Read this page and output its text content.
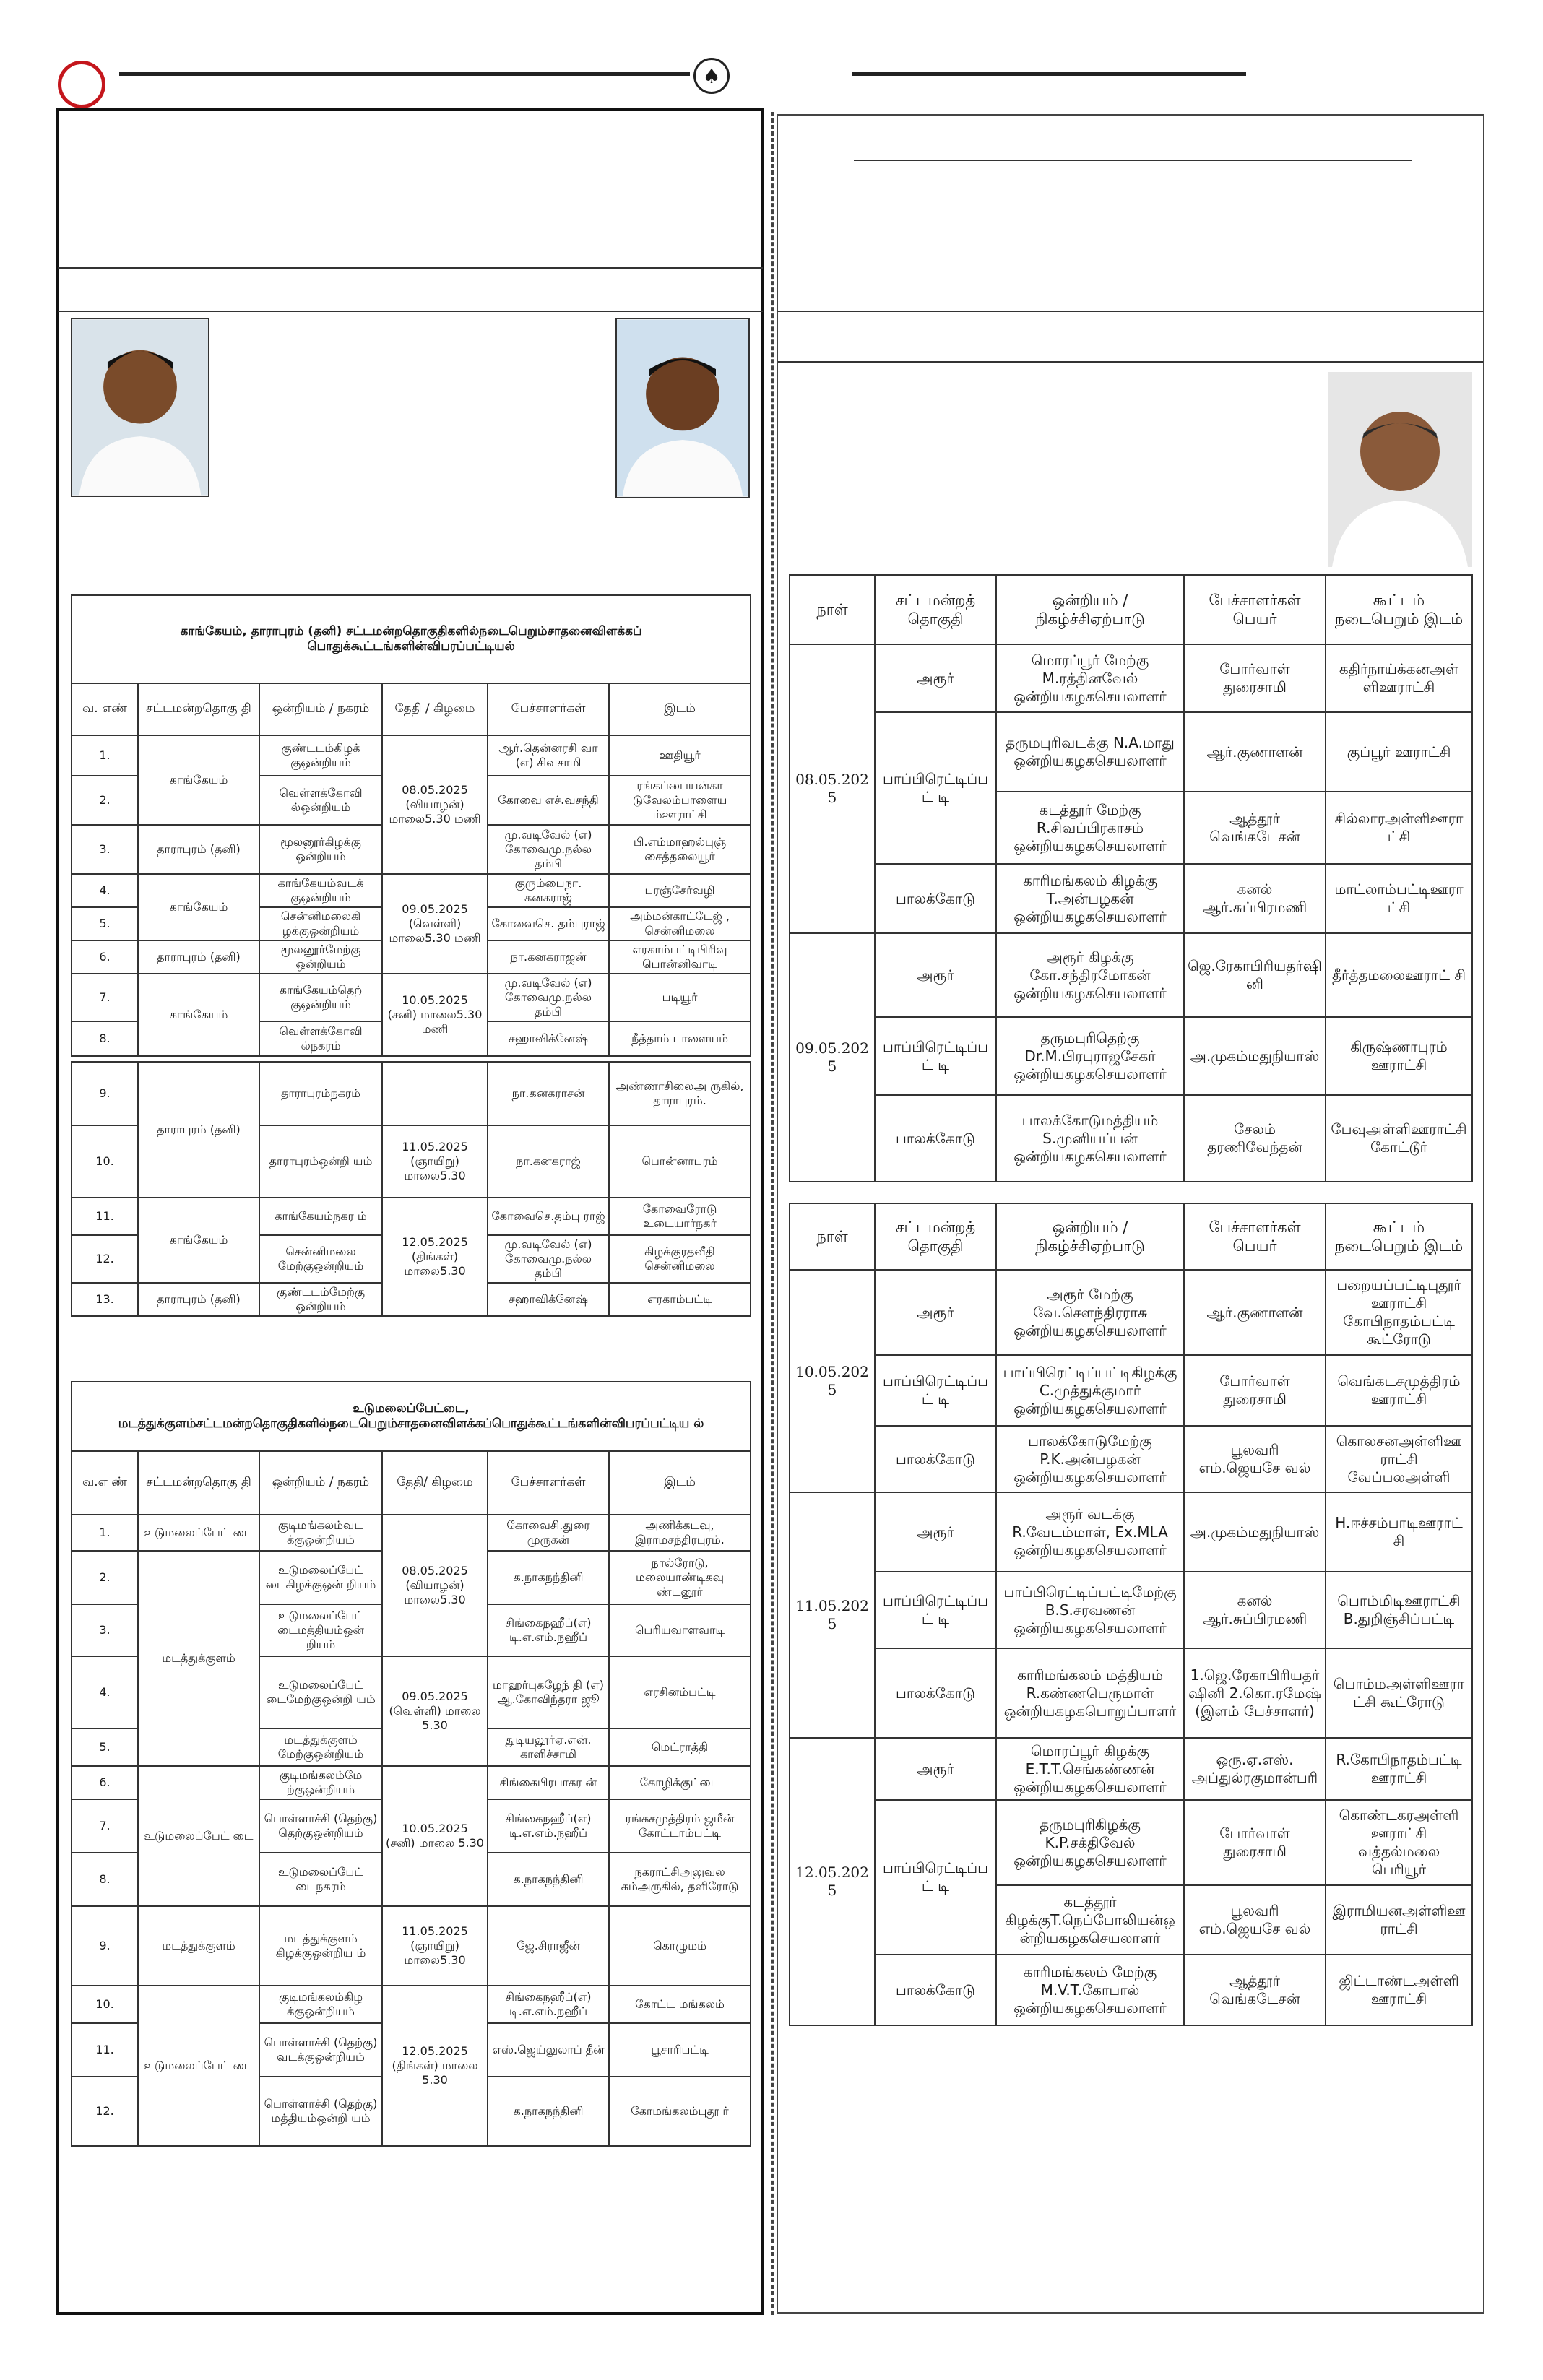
♠
காங்கேயம், தாராபுரம் (தனி) சட்டமன்றதொகுதிகளில்நடைபெறும்சாதனைவிளக்கப் பொதுக்கூட்டங்களின்விபரப்பட்டியல்					
வ. எண்	சட்டமன்றதொகு தி	ஒன்றியம் / நகரம்	தேதி / கிழமை	பேச்சாளர்கள்	இடம்
1.	காங்கேயம்	குண்டடம்கிழக் குஒன்றியம்	08.05.2025 (வியாழன்) மாலை5.30 மணி	ஆர்.தென்னரசி வா (எ) சிவசாமி	ஊதியூர்
2.		வெள்ளக்கோவி ல்ஒன்றியம்		கோவை எச்.வசந்தி	ரங்கப்பையன்கா டுவேலம்பாளைய ம்ஊராட்சி
3.	தாராபுரம் (தனி)	மூலனூர்கிழக்கு ஒன்றியம்		மு.வடிவேல் (எ) கோவைமு.நல்ல தம்பி	பி.எம்மாஹல்புஞ் சைத்தலையூர்
4.	காங்கேயம்	காங்கேயம்வடக் குஒன்றியம்	09.05.2025 (வெள்ளி) மாலை5.30 மணி	குரும்பைநா. கனகராஜ்	பரஞ்சேர்வழி
5.		சென்னிமலைகி ழக்குஒன்றியம்		கோவைசெ. தம்புராஜ்	அம்மன்காட்டேஜ் , சென்னிமலை
6.	தாராபுரம் (தனி)	மூலனூர்மேற்கு ஒன்றியம்		நா.கனகராஜன்	எரகாம்பட்டிபிரிவு பொன்னிவாடி
7.	காங்கேயம்	காங்கேயம்தெற் குஒன்றியம்	10.05.2025 (சனி) மாலை5.30 மணி	மு.வடிவேல் (எ) கோவைமு.நல்ல தம்பி	படியூர்
8.		வெள்ளக்கோவி ல்நகரம்		சஹாவிக்னேஷ்	நீத்தாம் பாளையம்

9.	தாராபுரம் (தனி)	தாராபுரம்நகரம்		நா.கனகராசன்	அண்ணாசிலைஅ ருகில், தாராபுரம்.
10.		தாராபுரம்ஒன்றி யம்	11.05.2025 (ஞாயிறு) மாலை5.30	நா.கனகராஜ்	பொன்னாபுரம்
11.	காங்கேயம்	காங்கேயம்நகர ம்	12.05.2025 (திங்கள்) மாலை5.30	கோவைசெ.தம்பு ராஜ்	கோவைரோடு உடையார்நகர்
12.		சென்னிமலை மேற்குஒன்றியம்		மு.வடிவேல் (எ) கோவைமு.நல்ல தம்பி	கிழக்குரதவீதி சென்னிமலை
13.	தாராபுரம் (தனி)	குண்டடம்மேற்கு ஒன்றியம்		சஹாவிக்னேஷ்	எரகாம்பட்டி
உடுமலைப்பேட்டை, மடத்துக்குளம்சட்டமன்றதொகுதிகளில்நடைபெறும்சாதனைவிளக்கப்பொதுக்கூட்டங்களின்விபரப்பட்டிய ல்					
வ.எ ண்	சட்டமன்றதொகு தி	ஒன்றியம் / நகரம்	தேதி/ கிழமை	பேச்சாளர்கள்	இடம்
1.	உடுமலைப்பேட் டை	குடிமங்கலம்வட க்குஒன்றியம்	08.05.2025 (வியாழன்) மாலை5.30	கோவைசி.துரை முருகன்	அணிக்கடவு, இராமசந்திரபுரம்.
2.	மடத்துக்குளம்	உடுமலைப்பேட் டைகிழக்குஒன் றியம்		க.நாகநந்தினி	நால்ரோடு, மலையாண்டிகவு ண்டனூர்
3.		உடுமலைப்பேட் டைமத்தியம்ஒன் றியம்		சிங்கைநஹீப்(எ) டி.எ.எம்.நஹீப்	பெரியவாளவாடி
4.		உடுமலைப்பேட் டைமேற்குஒன்றி யம்	09.05.2025 (வெள்ளி) மாலை 5.30	மாஹர்புகழேந் தி (எ) ஆ.கோவிந்தரா ஜூ	எரசினம்பட்டி
5.		மடத்துக்குளம் மேற்குஒன்றியம்		துடியலூர்ஏ.என். காளிச்சாமி	மெட்ராத்தி
6.	உடுமலைப்பேட் டை	குடிமங்கலம்மே ற்குஒன்றியம்	10.05.2025 (சனி) மாலை 5.30	சிங்கைபிரபாகர ன்	கோழிக்குட்டை
7.		பொள்ளாச்சி (தெற்கு) தெற்குஒன்றியம்		சிங்கைநஹீப்(எ) டி.எ.எம்.நஹீப்	ரங்கசமுத்திரம் ஜமீன் கோட்டாம்பட்டி
8.		உடுமலைப்பேட் டைநகரம்		க.நாகநந்தினி	நகராட்சிஅலுவல கம்அருகில், தளிரோடு
9.	மடத்துக்குளம்	மடத்துக்குளம் கிழக்குஒன்றிய ம்	11.05.2025 (ஞாயிறு) மாலை5.30	ஜே.சிராஜீன்	கொழுமம்
10.	உடுமலைப்பேட் டை	குடிமங்கலம்கிழ க்குஒன்றியம்	12.05.2025 (திங்கள்) மாலை 5.30	சிங்கைநஹீப்(எ) டி.எ.எம்.நஹீப்	கோட்ட மங்கலம்
11.		பொள்ளாச்சி (தெற்கு) வடக்குஒன்றியம்		எஸ்.ஜெய்லுலாப் தீன்	பூசாரிபட்டி
12.		பொள்ளாச்சி (தெற்கு) மத்தியம்ஒன்றி யம்		க.நாகநந்தினி	கோமங்கலம்புதூ ர்
நாள்	சட்டமன்றத் தொகுதி	ஒன்றியம் /நிகழ்ச்சிஏற்பாடு	பேச்சாளர்கள் பெயர்	கூட்டம் நடைபெறும் இடம்
08.05.2025	அரூர்	மொரப்பூர் மேற்கு M.ரத்தினவேல் ஒன்றியகழகசெயலாளர்	போர்வாள் துரைசாமி	கதிர்நாய்க்கனஅள் ளிஊராட்சி
	பாப்பிரெட்டிப்பட் டி	தருமபுரிவடக்கு N.A.மாது ஒன்றியகழகசெயலாளர்	ஆர்.குணாளன்	குப்பூர் ஊராட்சி
		கடத்தூர் மேற்கு R.சிவப்பிரகாசம் ஒன்றியகழகசெயலாளர்	ஆத்தூர் வெங்கடேசன்	சில்லாரஅள்ளிஊரா ட்சி
	பாலக்கோடு	காரிமங்கலம் கிழக்கு T.அன்பழகன் ஒன்றியகழகசெயலாளர்	கனல் ஆர்.சுப்பிரமணி	மாட்லாம்பட்டிஊரா ட்சி
09.05.2025	அரூர்	அரூர் கிழக்கு கோ.சந்திரமோகன் ஒன்றியகழகசெயலாளர்	ஜெ.ரேகாபிரியதர்ஷி னி	தீர்த்தமலைஊராட் சி
	பாப்பிரெட்டிப்பட் டி	தருமபுரிதெற்கு Dr.M.பிரபுராஜசேகர் ஒன்றியகழகசெயலாளர்	அ.முகம்மதுநியாஸ்	கிருஷ்ணாபுரம் ஊராட்சி
	பாலக்கோடு	பாலக்கோடுமத்தியம் S.முனியப்பன் ஒன்றியகழகசெயலாளர்	சேலம் தரணிவேந்தன்	பேவுஅள்ளிஊராட்சி கோட்டூர்
நாள்	சட்டமன்றத் தொகுதி	ஒன்றியம் /நிகழ்ச்சிஏற்பாடு	பேச்சாளர்கள் பெயர்	கூட்டம் நடைபெறும் இடம்
10.05.2025	அரூர்	அரூர் மேற்கு வே.சௌந்திரராசு ஒன்றியகழகசெயலாளர்	ஆர்.குணாளன்	பறையப்பட்டிபுதூர் ஊராட்சி கோபிநாதம்பட்டி கூட்ரோடு
	பாப்பிரெட்டிப்பட் டி	பாப்பிரெட்டிப்பட்டிகிழக்கு C.முத்துக்குமார் ஒன்றியகழகசெயலாளர்	போர்வாள் துரைசாமி	வெங்கடசமுத்திரம் ஊராட்சி
	பாலக்கோடு	பாலக்கோடுமேற்கு P.K.அன்பழகன் ஒன்றியகழகசெயலாளர்	பூலவரி எம்.ஜெயசே வல்	கொலசனஅள்ளிஊ ராட்சி வேப்பலஅள்ளி
11.05.2025	அரூர்	அரூர் வடக்கு R.வேடம்மாள், Ex.MLA ஒன்றியகழகசெயலாளர்	அ.முகம்மதுநியாஸ்	H.ஈச்சம்பாடிஊராட் சி
	பாப்பிரெட்டிப்பட் டி	பாப்பிரெட்டிப்பட்டிமேற்கு B.S.சரவணன் ஒன்றியகழகசெயலாளர்	கனல் ஆர்.சுப்பிரமணி	பொம்மிடிஊராட்சி B.துறிஞ்சிப்பட்டி
	பாலக்கோடு	காரிமங்கலம் மத்தியம் R.கண்ணபெருமாள் ஒன்றியகழகபொறுப்பாளர்	1.ஜெ.ரேகாபிரியதர் ஷினி 2.கொ.ரமேஷ் (இளம் பேச்சாளர்)	பொம்மஅள்ளிஊரா ட்சி கூட்ரோடு
12.05.2025	அரூர்	மொரப்பூர் கிழக்கு E.T.T.செங்கண்ணன் ஒன்றியகழகசெயலாளர்	ஒரு.ஏ.எஸ். அப்துல்ரகுமான்பரி	R.கோபிநாதம்பட்டி ஊராட்சி
	பாப்பிரெட்டிப்பட் டி	தருமபுரிகிழக்கு K.P.சக்திவேல் ஒன்றியகழகசெயலாளர்	போர்வாள் துரைசாமி	கொண்டகரஅள்ளி ஊராட்சி வத்தல்மலை பெரியூர்
		கடத்தூர் கிழக்குT.நெப்போலியன்ஒ ன்றியகழகசெயலாளர்	பூலவரி எம்.ஜெயசே வல்	இராமியனஅள்ளிஊ ராட்சி
	பாலக்கோடு	காரிமங்கலம் மேற்கு M.V.T.கோபால் ஒன்றியகழகசெயலாளர்	ஆத்தூர் வெங்கடேசன்	ஜிட்டாண்டஅள்ளி ஊராட்சி
